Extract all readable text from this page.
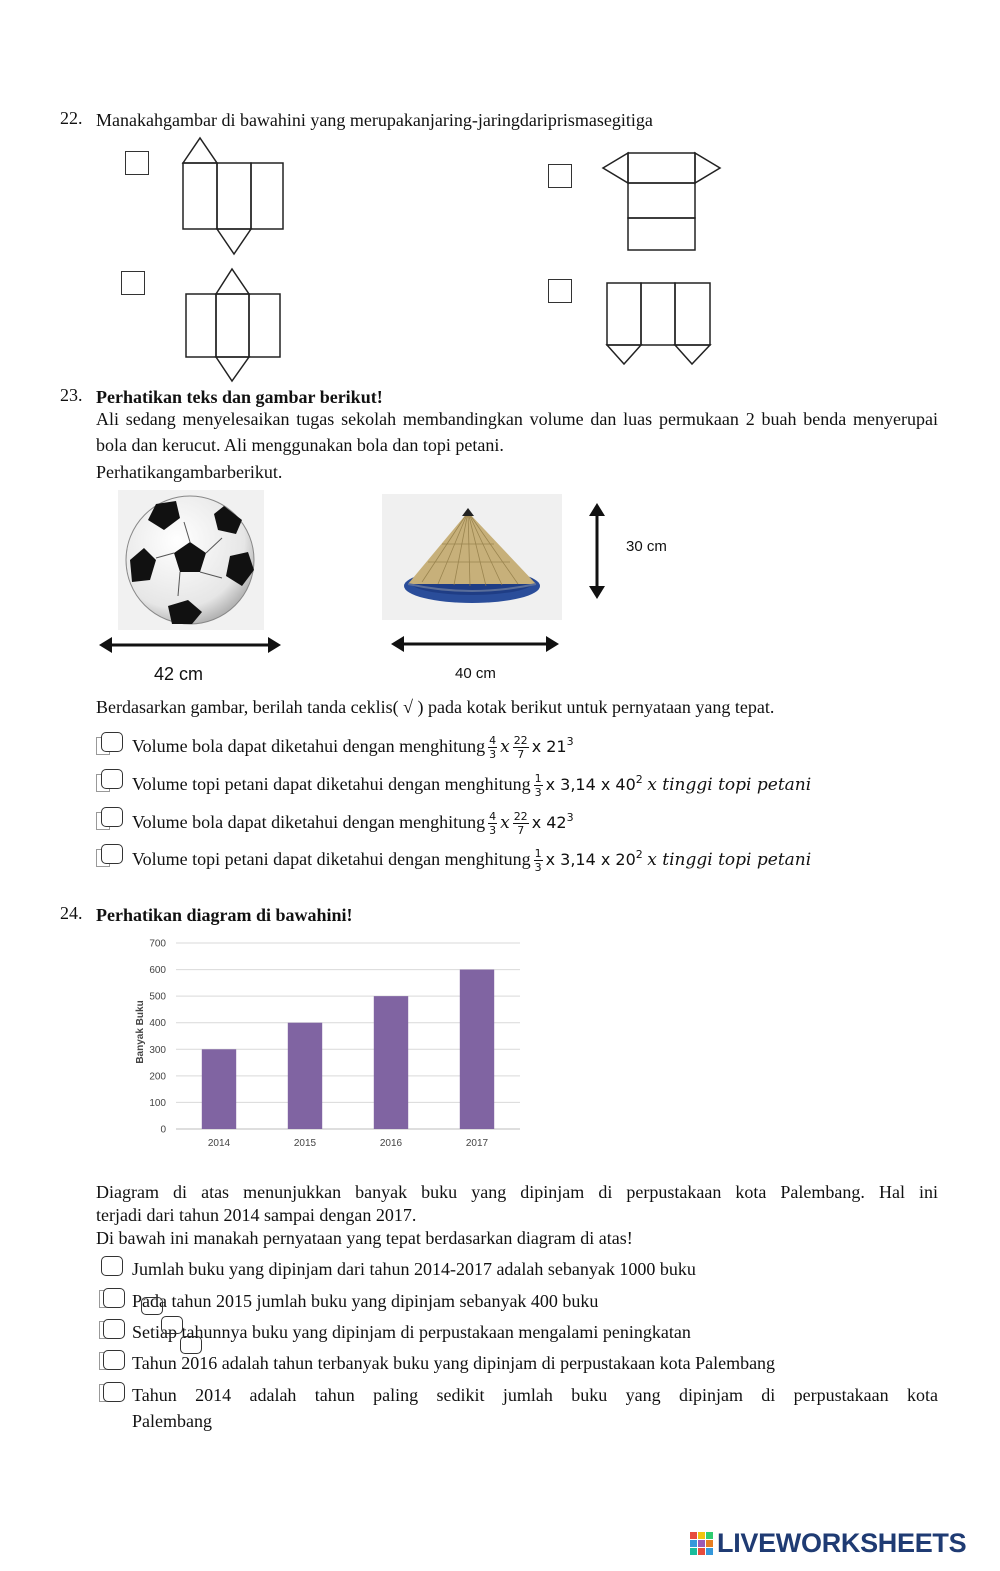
22. Manakahgambar di bawahini yang merupakanjaring-jaringdariprismasegitiga
23. Perhatikan teks dan gambar berikut!
Ali sedang menyelesaikan tugas sekolah membandingkan volume dan luas permukaan 2 buah benda menyerupai bola dan kerucut. Ali menggunakan bola dan topi petani.
Perhatikangambarberikut.
30 cm
42 cm	40 cm
Berdasarkan gambar, berilah tanda ceklis( √ ) pada kotak berikut untuk pernyataan yang tepat.
Volume bola dapat diketahui dengan menghitung $\frac{4}{3}$ x $\frac{22}{7}$ x $21^3$
Volume topi petani dapat diketahui dengan menghitung $\frac{1}{3}$ x 3,14 x $40^2$ x tinggi topi petani
Volume bola dapat diketahui dengan menghitung $\frac{4}{3}$ x $\frac{22}{7}$ x $42^3$
Volume topi petani dapat diketahui dengan menghitung $\frac{1}{3}$ x 3,14 x $20^2$ x tinggi topi petani
24. Perhatikan diagram di bawahini!
0
100
200
300
400
500
600
700
2014	2015	2016	2017
Banyak Buku
Diagram di atas menunjukkan banyak buku yang dipinjam di perpustakaan kota Palembang. Hal ini
terjadi dari tahun 2014 sampai dengan 2017.
Di bawah ini manakah pernyataan yang tepat berdasarkan diagram di atas!
Jumlah buku yang dipinjam dari tahun 2014-2017 adalah sebanyak 1000 buku
Pada tahun 2015 jumlah buku yang dipinjam sebanyak 400 buku
Setiap tahunnya buku yang dipinjam di perpustakaan mengalami peningkatan
Tahun 2016 adalah tahun terbanyak buku yang dipinjam di perpustakaan kota Palembang
Tahun 2014 adalah tahun paling sedikit jumlah buku yang dipinjam di perpustakaan kota
Palembang
LIVEWORKSHEETS
